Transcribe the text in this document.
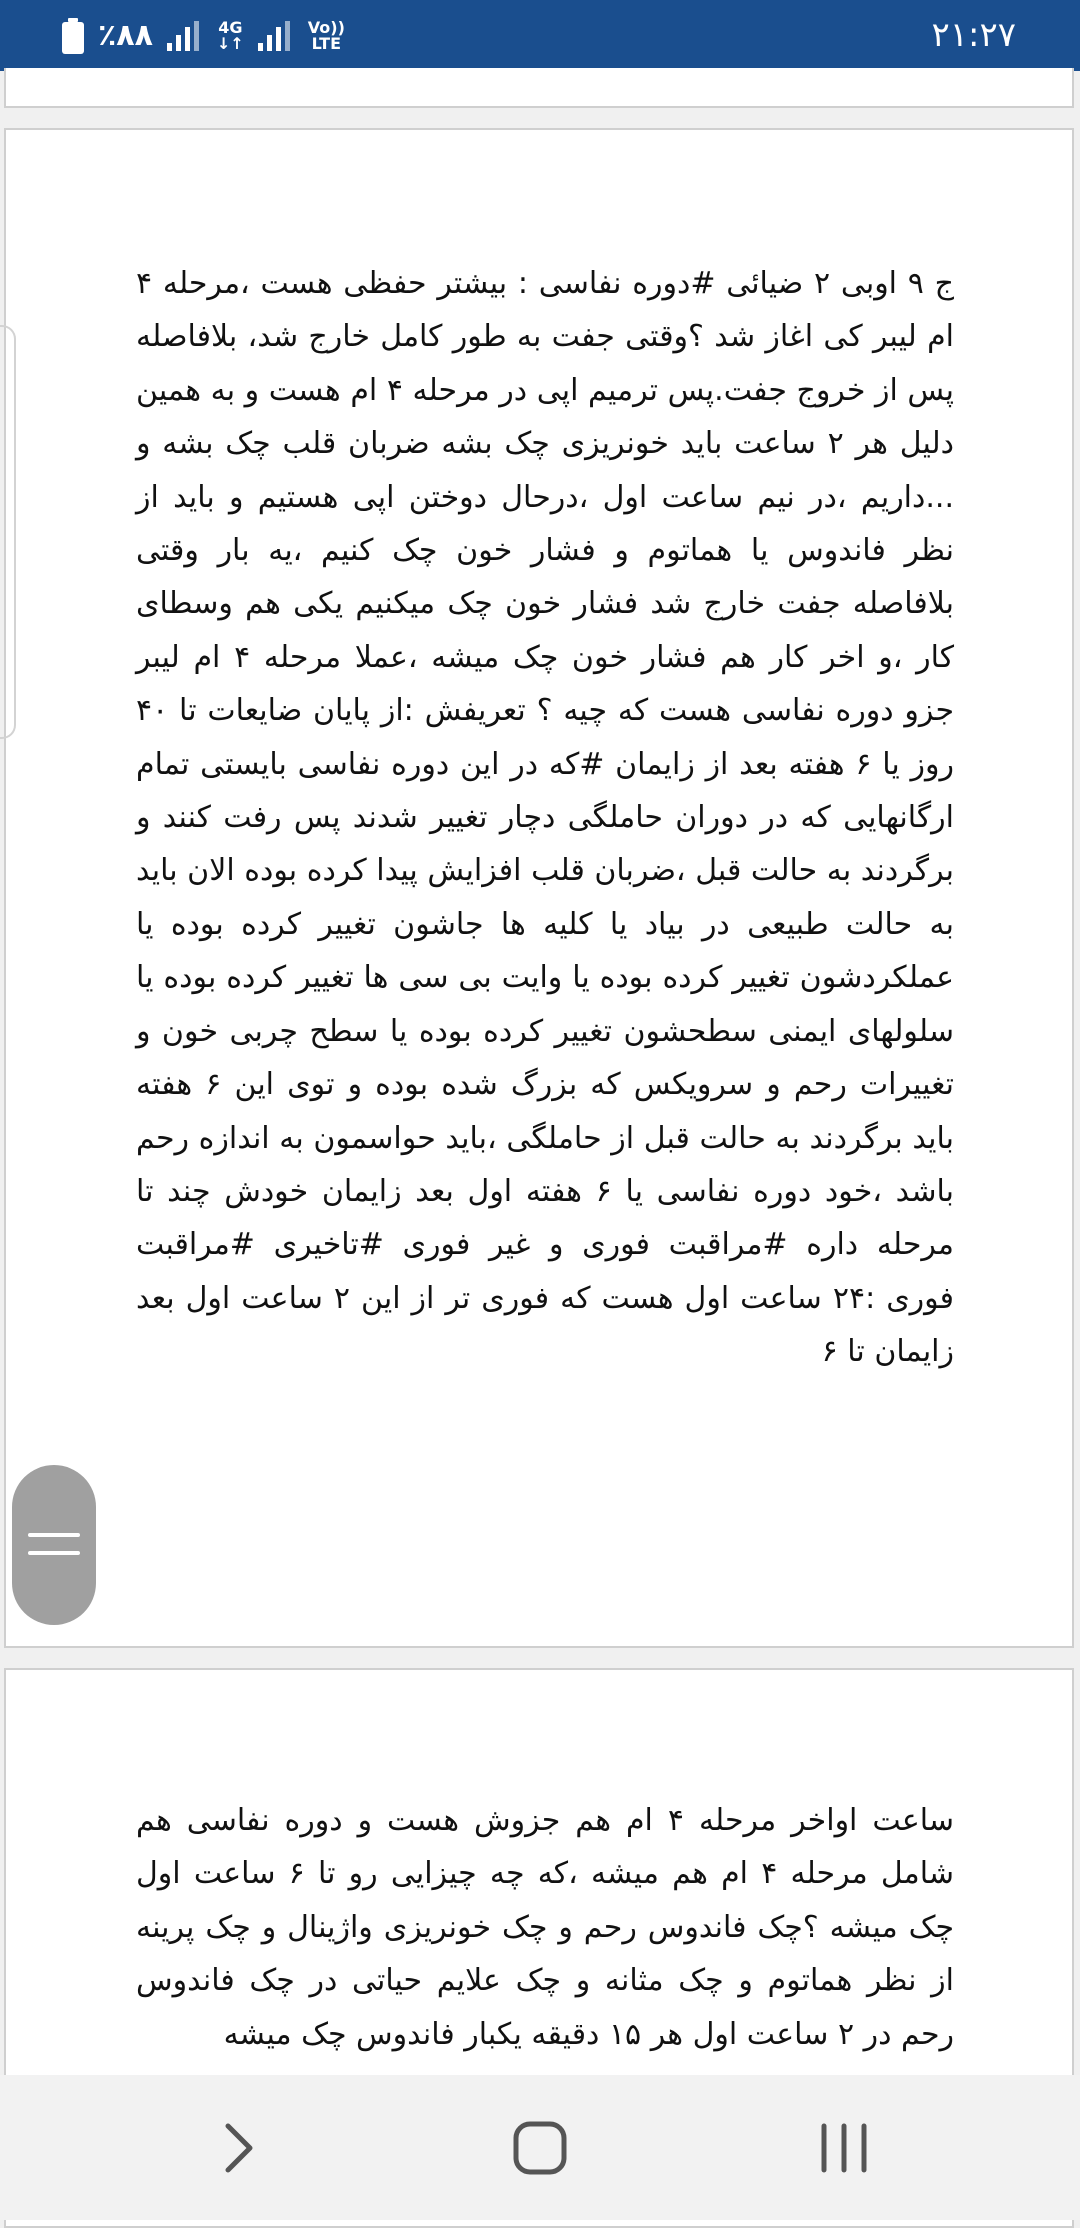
٪۸۸	4G
↓↑
Vo))
LTE	۲۱:۲۷
ج ۹ اوبی ۲ ضیائی #دوره نفاسی : بیشتر حفظی هست ،مرحله ۴ ام لیبر کی اغاز شد ؟وقتی جفت به طور کامل خارج شد، بلافاصله پس از خروج جفت.پس ترمیم اپی در مرحله ۴ ام هست و به همین دلیل هر ۲ ساعت باید خونریزی چک بشه ضربان قلب چک بشه و ...داریم ،در نیم ساعت اول ،درحال دوختن اپی هستیم و باید از نظر فاندوس یا هماتوم و فشار خون چک کنیم ،یه بار وقتی بلافاصله جفت خارج شد فشار خون چک میکنیم یکی هم وسطای کار ،و اخر کار هم فشار خون چک میشه ،عملا مرحله ۴ ام لیبر جزو دوره نفاسی هست که چیه ؟ تعریفش :از پایان ضایعات تا ۴۰ روز یا ۶ هفته بعد از زایمان #که در این دوره نفاسی بایستی تمام ارگانهایی که در دوران حاملگی دچار تغییر شدند پس رفت کنند و برگردند به حالت قبل ،ضربان قلب افزایش پیدا کرده بوده الان باید به حالت طبیعی در بیاد یا کلیه ها جاشون تغییر کرده بوده یا عملکردشون تغییر کرده بوده یا وایت بی سی ها تغییر کرده بوده یا سلولهای ایمنی سطحشون تغییر کرده بوده یا سطح چربی خون و تغییرات رحم و سرویکس که بزرگ شده بوده و توی این ۶ هفته باید برگردند به حالت قبل از حاملگی ،باید حواسمون به اندازه رحم باشد ،خود دوره نفاسی یا ۶ هفته اول بعد زایمان خودش چند تا مرحله داره #مراقبت فوری و غیر فوری #تاخیری #مراقبت فوری :۲۴ ساعت اول هست که فوری تر از این ۲ ساعت اول بعد زایمان تا ۶
ساعت اواخر مرحله ۴ ام هم جزوش هست و دوره نفاسی هم شامل مرحله ۴ ام هم میشه ،که چه چیزایی رو تا ۶ ساعت اول چک میشه ؟چک فاندوس رحم و چک خونریزی واژینال و چک پرینه از نظر هماتوم و چک مثانه و چک علایم حیاتی در چک فاندوس رحم در ۲ ساعت اول هر ۱۵ دقیقه یکبار فاندوس چک میشه
